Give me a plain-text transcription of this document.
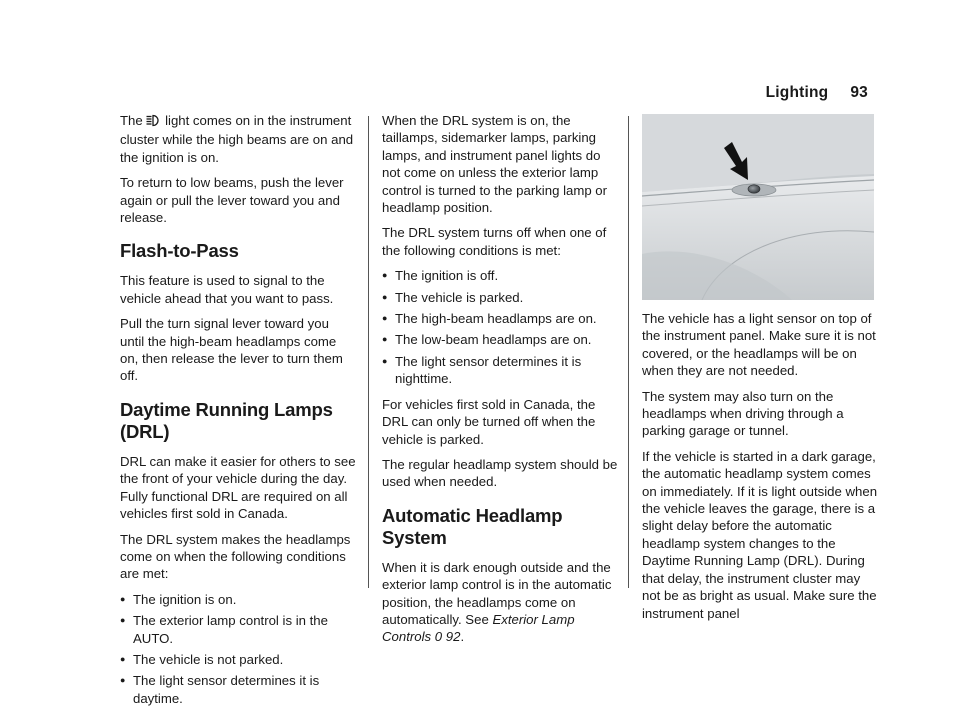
Lighting 93

The light comes on in the instrument cluster while the high beams are on and the ignition is on.

To return to low beams, push the lever again or pull the lever toward you and release.

Flash-to-Pass

This feature is used to signal to the vehicle ahead that you want to pass.

Pull the turn signal lever toward you until the high-beam headlamps come on, then release the lever to turn them off.

Daytime Running Lamps (DRL)

DRL can make it easier for others to see the front of your vehicle during the day. Fully functional DRL are required on all vehicles first sold in Canada.

The DRL system makes the headlamps come on when the following conditions are met:

● The ignition is on.
● The exterior lamp control is in the AUTO.
● The vehicle is not parked.
● The light sensor determines it is daytime.

When the DRL system is on, the taillamps, sidemarker lamps, parking lamps, and instrument panel lights do not come on unless the exterior lamp control is turned to the parking lamp or headlamp position.

The DRL system turns off when one of the following conditions is met:

● The ignition is off.
● The vehicle is parked.
● The high-beam headlamps are on.
● The low-beam headlamps are on.
● The light sensor determines it is nighttime.

For vehicles first sold in Canada, the DRL can only be turned off when the vehicle is parked.

The regular headlamp system should be used when needed.

Automatic Headlamp System

When it is dark enough outside and the exterior lamp control is in the automatic position, the headlamps come on automatically. See Exterior Lamp Controls 0 92.

The vehicle has a light sensor on top of the instrument panel. Make sure it is not covered, or the headlamps will be on when they are not needed.

The system may also turn on the headlamps when driving through a parking garage or tunnel.

If the vehicle is started in a dark garage, the automatic headlamp system comes on immediately. If it is light outside when the vehicle leaves the garage, there is a slight delay before the automatic headlamp system changes to the Daytime Running Lamp (DRL). During that delay, the instrument cluster may not be as bright as usual. Make sure the instrument panel
